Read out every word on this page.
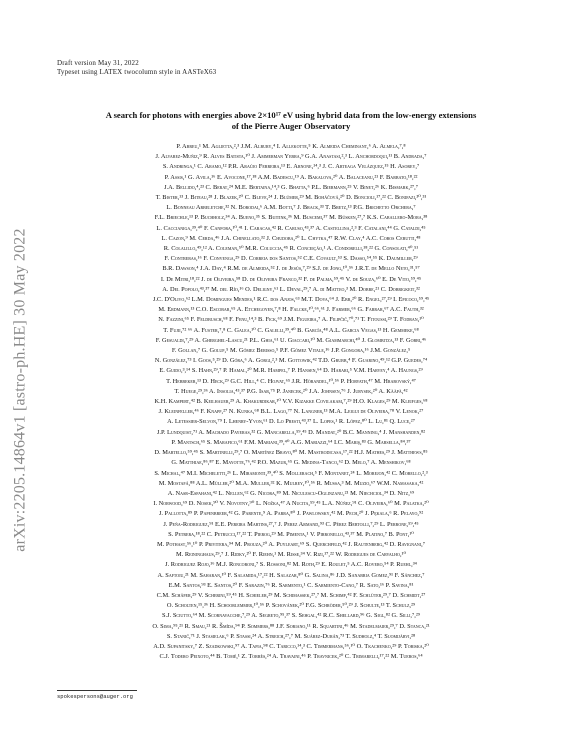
arXiv:2205.14864v1 [astro-ph.HE] 30 May 2022
Draft version May 31, 2022
Typeset using LATEX twocolumn style in AASTeX63
A search for photons with energies above 2×10¹⁷ eV using hybrid data from the low-energy extensions
of the Pierre Auger Observatory
P. Abreu,¹ M. Aglietta,²,³ J.M. Albury,⁴ I. Allekotte,⁵ K. Almeida Cheminant,⁶ A. Almela,⁷,⁸
J. Alvarez-Muñiz,⁹ R. Alves Batista,¹⁰ J. Ammerman Yebra,⁹ G.A. Anastasi,²,³ L. Anchordoqui,¹¹ B. Andrada,⁷
S. Andringa,¹ C. Aramo,¹² P.R. Araújo Ferreira,¹³ E. Arnone,¹⁴,³ J. C. Arteaga Velázquez,¹⁵ H. Asorey,⁷
P. Assis,¹ G. Avila,¹⁶ E. Avocone,¹⁷,¹⁸ A.M. Badescu,¹⁹ A. Bakalova,²⁰ A. Balaceanu,²¹ F. Barbato,¹⁸,²²
J.A. Bellido,⁴,²³ C. Berat,²⁴ M.E. Bertaina,¹⁴,³ G. Bhatta,⁶ P.L. Biermann,²⁵ V. Binet,²⁶ K. Bismark,²⁷,⁷
T. Bister,¹³ J. Biteau,²⁸ J. Blazek,²⁰ C. Bleve,²⁴ J. Blümer,²⁹ M. Boháčová,²⁰ D. Boncioli,¹⁷,²² C. Bonifazi,³⁰,³¹
L. Bonneau Arbeletche,³² N. Borodai,⁶ A.M. Botti,⁷ J. Brack,³³ T. Bretz,¹³ P.G. Brichetto Orchera,⁷
F.L. Briechle,¹³ P. Buchholz,³⁴ A. Bueno,³⁵ S. Buitink,³⁶ M. Buscemi,³⁷ M. Büsken,²⁷,⁷ K.S. Caballero-Mora,³⁸
L. Caccianiga,³⁹,⁴⁰ F. Canfora,¹⁰,⁴¹ I. Caracas,⁴² R. Caruso,⁴³,³⁷ A. Castellina,²,³ F. Catalani,⁴⁴ G. Cataldi,⁴⁵
L. Cazon,⁹ M. Cerda,⁴⁶ J.A. Chinellato,³² J. Chudoba,²⁰ L. Chytka,⁴⁷ R.W. Clay,⁴ A.C. Cobos Cerutti,⁴⁸
R. Colalillo,⁴⁹,¹² A. Coleman,⁵⁰ M.R. Coluccia,⁴⁵ R. Conceição,¹ A. Condorelli,¹⁸,²² G. Consolati,⁴⁰,⁵¹
F. Contreras,¹⁶ F. Convenga,²⁹ D. Correia dos Santos,⁵² C.E. Covault,⁵³ S. Dasso,⁵⁴,⁵⁵ K. Daumiller,²⁹
B.R. Dawson,⁴ J.A. Day,⁴ R.M. de Almeida,⁵² J. de Jesús,⁷,²⁹ S.J. de Jong,¹⁰,⁵⁶ J.R.T. de Mello Neto,³¹,⁵⁷
I. De Mitri,¹⁸,²² J. de Oliveira,⁵⁸ D. de Oliveira Franco,³² F. de Palma,⁵⁹,⁴⁵ V. de Souza,⁶⁰ E. De Vito,⁵⁹,⁴⁵
A. Del Popolo,⁴³,³⁷ M. del Río,¹⁶ O. Deligny,⁶¹ L. Deval,²⁹,⁷ A. di Matteo,³ M. Dobre,²¹ C. Dobrigkeit,³²
J.C. D'Olivo,⁶² L.M. Domingues Mendes,¹ R.C. dos Anjos,⁶³ M.T. Dova,⁶⁴ J. Ebr,²⁰ R. Engel,²⁷,²⁹ I. Epicoco,⁵⁹,⁴⁵
M. Erdmann,¹³ C.O. Escobar,⁶⁵ A. Etchegoyen,⁷,⁸ H. Falcke,¹⁰,⁶⁶,⁶¹ J. Farmer,⁶⁶ G. Farrar,⁶⁷ A.C. Fauth,³²
N. Fazzini,⁶⁵ F. Feldbusch,⁶⁸ F. Fenu,¹⁴,³ B. Fick,⁶⁹ J.M. Figueira,⁷ A. Filipčič,⁷⁰,⁷¹ T. Fitoussi,²⁹ T. Fodran,¹⁰
T. Fujii,⁷² ⁶⁶ A. Fuster,⁷,⁸ C. Galea,¹⁰ C. Galelli,³⁹,⁴⁰ B. García,⁴⁸ A.L. Garcia Vegas,¹³ H. Gemmeke,⁶⁸
F. Gesualdi,⁷,²⁹ A. Gherghel-Lascu,²¹ P.L. Ghia,⁶¹ U. Giaccari,¹⁰ M. Giammarchi,⁴⁰ J. Glombitza,¹³ F. Gobbi,⁴⁶
F. Gollan,⁷ G. Golup,⁵ M. Gómez Berisso,⁵ P.F. Gómez Vitale,¹⁶ J.P. Gongora,¹⁶ J.M. González,⁵
N. González,⁷³ I. Goos,⁵,²⁹ D. Góra,⁶ A. Gorgi,²,³ M. Gottowik,⁴² T.D. Grubb,⁴ F. Guarino,⁴⁹,¹² G.P. Guedes,⁷⁴
E. Guido,³,¹⁴ S. Hahn,²⁹,⁷ P. Hamal,²⁰ M.R. Hampel,⁷ P. Hansen,⁶⁴ D. Harari,⁵ V.M. Harvey,⁴ A. Haungs,²⁹
T. Hebbeker,¹³ D. Heck,²⁹ G.C. Hill,⁴ C. Hojvat,⁶⁵ J.R. Hörandel,¹⁰,⁵⁶ P. Horvath,⁴⁷ M. Hrabovský,⁴⁷
T. Huege,²⁹,³⁶ A. Insolia,⁴³,³⁷ P.G. Isar,⁷⁵ P. Janecek,²⁰ J.A. Johnsen,⁷⁶ J. Jurysek,²⁰ A. Kääpä,⁴²
K.H. Kampert,⁴² B. Keilhauer,²⁹ A. Khakurdikar,¹⁰ V.V. Kizakke Covilakam,⁷,²⁹ H.O. Klages,²⁹ M. Kleifges,⁶⁸
J. Kleinfeller,⁴⁶ F. Knapp,²⁷ N. Kunka,⁶⁸ B.L. Lago,⁷⁷ N. Langner,¹³ M.A. Leigui de Oliveira,⁷⁸ V. Lenok,²⁷
A. Letessier-Selvon,⁷⁹ I. Lhenry-Yvon,⁶¹ D. Lo Presti,⁴³,³⁷ L. Lopes,¹ R. López,⁸⁰ L. Lu,⁸¹ Q. Luce,²⁷
J.P. Lundquist,⁷¹ A. Machado Payeras,³² G. Mancarella,⁵⁹,⁴⁵ D. Mandat,²⁰ B.C. Manning,⁴ J. Manshanden,⁸²
P. Mantsch,⁶⁵ S. Marafico,⁶¹ F.M. Mariani,³⁹,⁴⁰ A.G. Mariazzi,⁶⁴ I.C. Mariş,⁸³ G. Marsella,⁸⁴,³⁷
D. Martello,⁵⁹,⁴⁵ S. Martinelli,²⁹,⁷ O. Martínez Bravo,⁸⁰ M. Mastrodicasa,¹⁷,²² H.J. Mathes,²⁹ J. Matthews,⁸⁵
G. Matthiae,⁸⁶,⁸⁷ E. Mayotte,⁷⁶,⁴² P.O. Mazur,⁶⁵ G. Medina-Tanco,⁶² D. Melo,⁷ A. Menshikov,⁶⁸
S. Michal,⁴⁷ M.I. Micheletti,²⁶ L. Miramonti,³⁹,⁴⁰ S. Mollerach,⁵ F. Montanet,²⁴ L. Morejon,⁴² C. Morello,²,³
M. Mostafá,⁸⁸ A.L. Müller,²⁰ M.A. Muller,³² K. Mulrey,¹⁰,⁵⁶ R. Mussa,³ M. Muzio,⁶⁷ W.M. Namasaka,⁴²
A. Nasr-Esfahani,⁴² L. Nellen,⁶² G. Nicora,⁸⁹ M. Niculescu-Oglinzanu,²¹ M. Niechciol,³⁴ D. Nitz,⁶⁹
I. Norwood,⁶⁹ D. Nosek,⁹⁰ V. Novotny,⁹⁰ L. Nožka,⁴⁷ A Nucita,⁵⁹,⁴⁵ L.A. Núñez,⁹¹ C. Oliveira,⁶⁰ M. Palatka,²⁰
J. Pallotta,⁸⁹ P. Papenbreer,⁴² G. Parente,⁹ A. Parra,⁸⁰ J. Pawlowsky,⁴² M. Pech,²⁰ J. Pękala,⁶ R. Pelayo,⁹²
J. Peña-Rodriguez,⁹¹ E.E. Pereira Martins,²⁷,⁷ J. Perez Armand,⁹³ C. Pérez Bertolli,⁷,²⁹ L. Perrone,⁵⁹,⁴⁵
S. Petrera,¹⁸,²² C. Petrucci,¹⁷,²² T. Pierog,²⁹ M. Pimenta,¹ V. Pirronello,⁴³,³⁷ M. Platino,⁷ B. Pont,¹⁰
M. Pothast,⁵⁶,¹⁰ P. Privitera,⁹⁴ M. Prouza,²⁰ A. Puyleart,⁶⁹ S. Querchfeld,⁴² J. Rautenberg,⁴² D. Ravignani,⁷
M. Reininghaus,²⁹,⁷ J. Ridky,²⁰ F. Riehn,¹ M. Risse,³⁴ V. Rizi,¹⁷,²² W. Rodrigues de Carvalho,¹⁰
J. Rodriguez Rojo,¹⁶ M.J. Roncoroni,⁷ S. Rossoni,⁸² M. Roth,²⁹ E. Roulet,⁵ A.C. Rovero,⁵⁴ P. Ruehl,³⁴
A. Saftoiu,²¹ M. Saharan,¹⁰ F. Salamida,¹⁷,²² H. Salazar,⁸⁰ G. Salina,⁸⁶ J.D. Sanabria Gomez,⁹¹ F. Sánchez,⁷
E.M. Santos,⁹³ E. Santos,²⁰ F. Sarazin,⁷⁶ R. Sarmento,¹ C. Sarmiento-Cano,⁷ R. Sato,¹⁶ P. Savina,⁸¹
C.M. Schäfer,²⁹ V. Scherini,⁵⁹,⁴⁵ H. Schieler,²⁹ M. Schimassek,²⁷,⁷ M. Schimp,⁴² F. Schlüter,²⁹,⁷ D. Schmidt,²⁷
O. Scholten,¹⁵,³⁶ H. Schoorlemmer,¹⁰,⁵⁶ P. Schovánek,²⁰ F.G. Schröder,⁵⁰,²⁹ J. Schulte,¹³ T. Schulz,²⁹
S.J. Sciutto,⁶⁴ M. Scornavacche,⁷,²⁹ A. Segreto,⁹⁵,³⁷ S. Sehgal,⁴² R.C. Shellard,⁹⁶ G. Sigl,⁸² G. Silli,⁷,²⁹
O. Sima,⁹⁵,²¹ R. Smau,²¹ R. Šmída,⁹⁴ P. Sommers,⁸⁸ J.F. Soriano,¹¹ R. Squartini,⁴⁶ M. Stadelmaier,²⁹,⁷ D. Stanca,²¹
S. Stanič,⁷¹ J. Stasielak,⁶ P. Stassi,²⁴ A. Streich,²⁷,⁷ M. Suárez-Durán,⁷³ T. Sudholz,⁴ T. Suomijärvi,²⁸
A.D. Supanitsky,⁷ Z. Szadkowski,⁹⁷ A. Tapia,⁹⁸ C. Taricco,¹⁴,³ C. Timmermans,⁵⁶,¹⁰ O. Tkachenko,²⁹ P. Tobiska,²⁰
C.J. Todero Peixoto,⁴⁴ B. Tomé,¹ Z. Torrès,²⁴ A. Travaini,⁴⁶ P. Travnicek,²⁰ C. Trimarelli,¹⁷,²² M. Tueros,⁶⁴
spokespersons@auger.org
